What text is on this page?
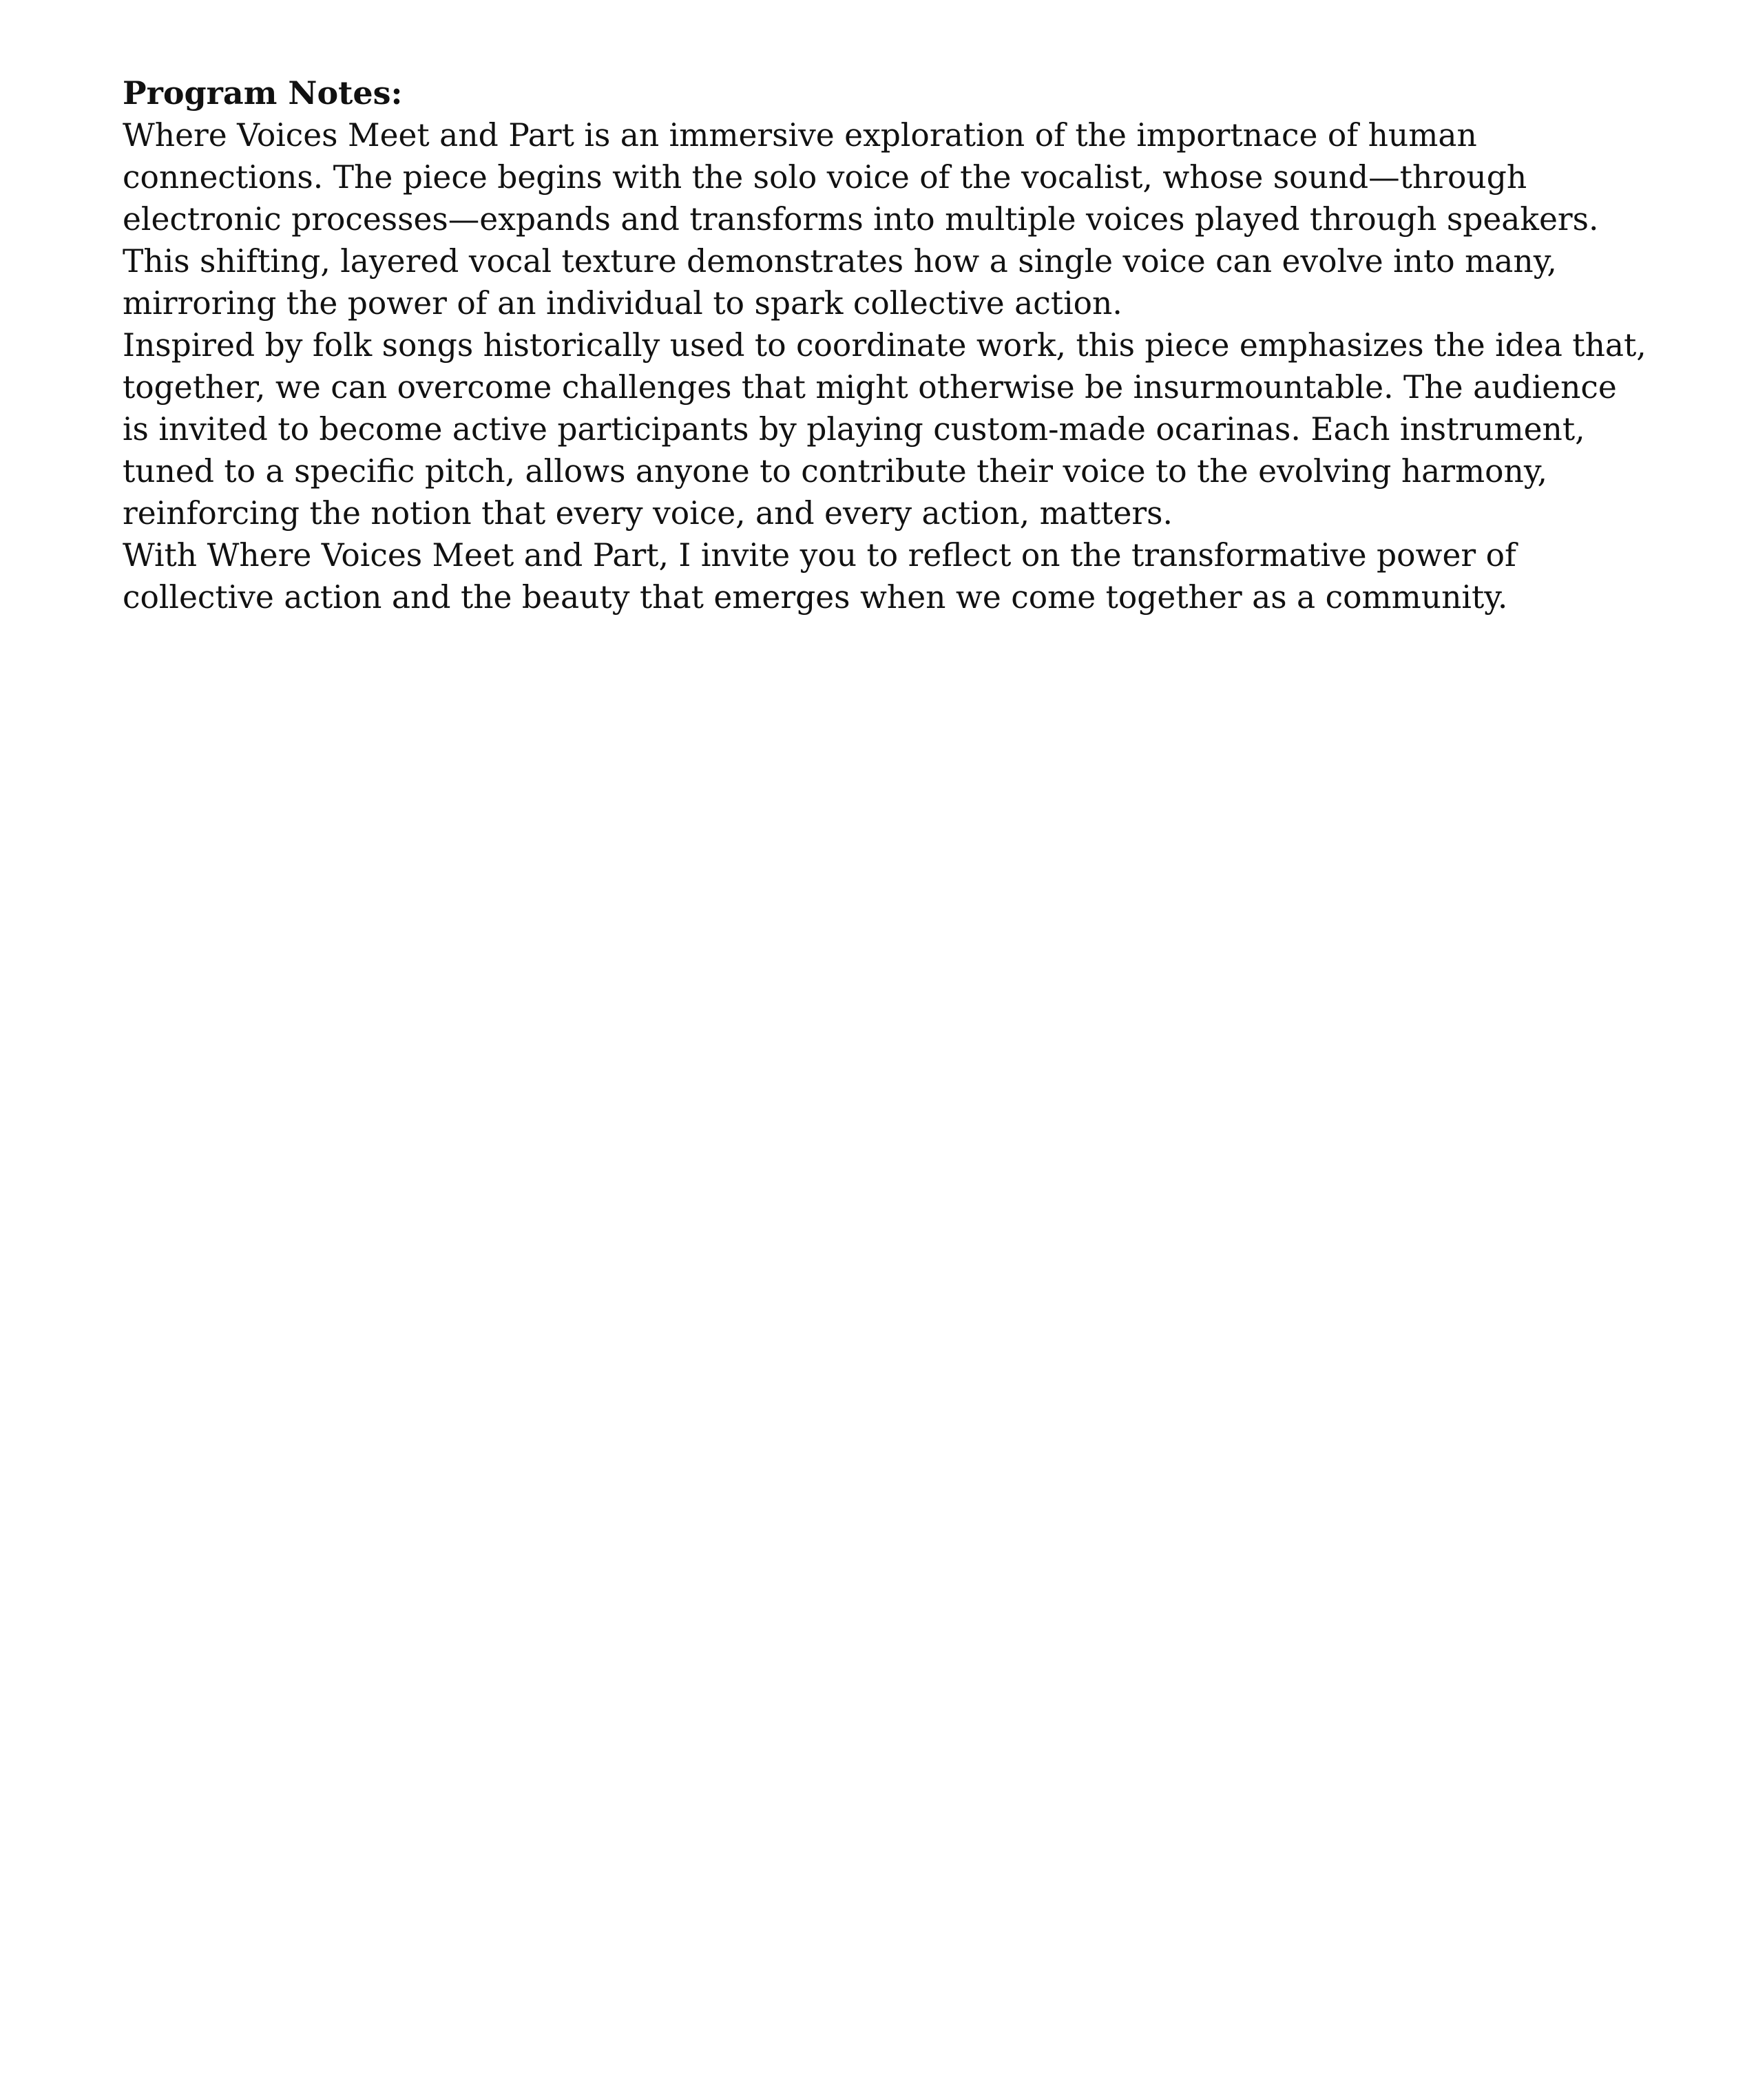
Program Notes:
Where Voices Meet and Part is an immersive exploration of the importnace of human
connections. The piece begins with the solo voice of the vocalist, whose sound—through
electronic processes—expands and transforms into multiple voices played through speakers.
This shifting, layered vocal texture demonstrates how a single voice can evolve into many,
mirroring the power of an individual to spark collective action.
Inspired by folk songs historically used to coordinate work, this piece emphasizes the idea that,
together, we can overcome challenges that might otherwise be insurmountable. The audience
is invited to become active participants by playing custom-made ocarinas. Each instrument,
tuned to a specific pitch, allows anyone to contribute their voice to the evolving harmony,
reinforcing the notion that every voice, and every action, matters.
With Where Voices Meet and Part, I invite you to reflect on the transformative power of
collective action and the beauty that emerges when we come together as a community.
